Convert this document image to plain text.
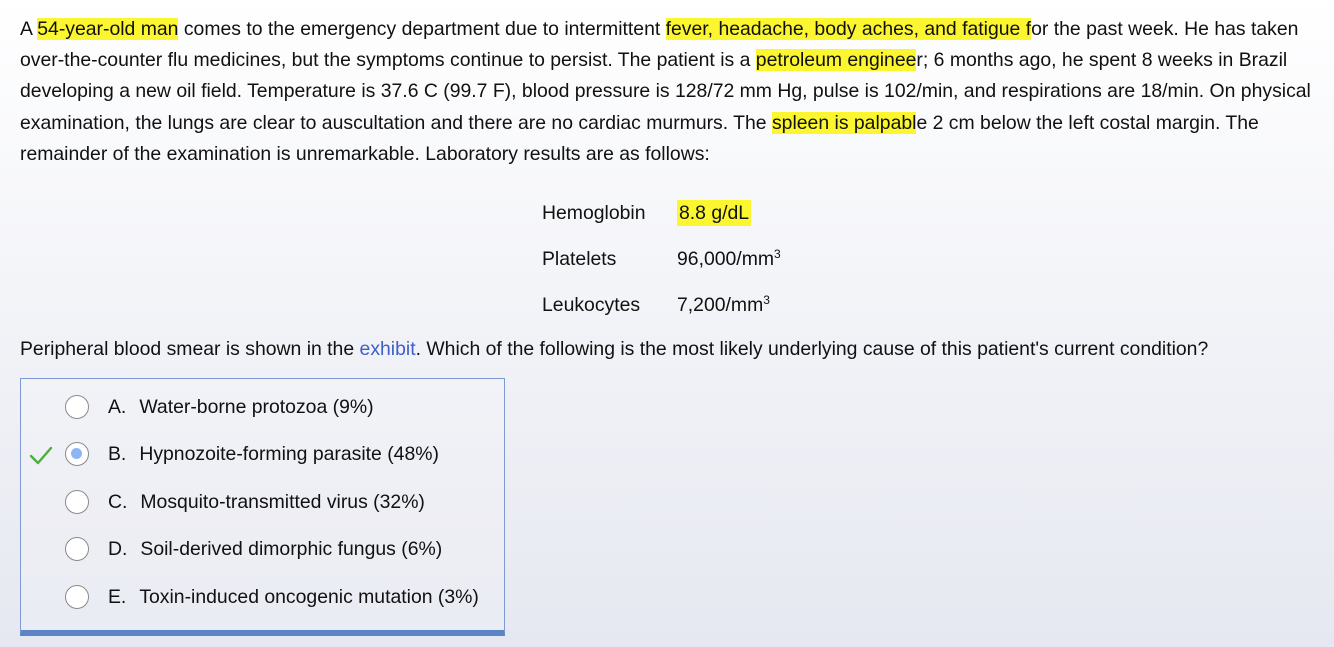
A 54-year-old man comes to the emergency department due to intermittent fever, headache, body aches, and fatigue for the past week. He has taken over-the-counter flu medicines, but the symptoms continue to persist. The patient is a petroleum engineer; 6 months ago, he spent 8 weeks in Brazil developing a new oil field. Temperature is 37.6 C (99.7 F), blood pressure is 128/72 mm Hg, pulse is 102/min, and respirations are 18/min. On physical examination, the lungs are clear to auscultation and there are no cardiac murmurs. The spleen is palpable 2 cm below the left costal margin. The remainder of the examination is unremarkable. Laboratory results are as follows:

Hemoglobin	8.8 g/dL
Platelets	$96,000/mm^3$
Leukocytes	$7,200/mm^3$

Peripheral blood smear is shown in the exhibit. Which of the following is the most likely underlying cause of this patient's current condition?

A. Water-borne protozoa (9%)
B. Hypnozoite-forming parasite (48%)
C. Mosquito-transmitted virus (32%)
D. Soil-derived dimorphic fungus (6%)
E. Toxin-induced oncogenic mutation (3%)
